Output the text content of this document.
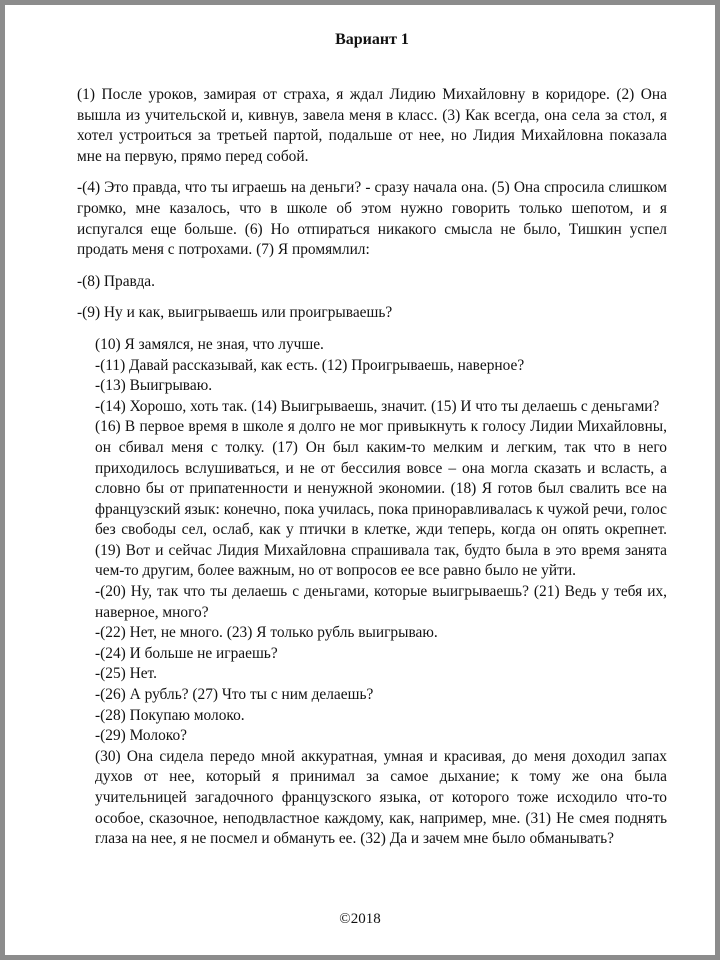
Вариант 1

(1) После уроков, замирая от страха, я ждал Лидию Михайловну в коридоре. (2) Она вышла из учительской и, кивнув, завела меня в класс. (3) Как всегда, она села за стол, я хотел устроиться за третьей партой, подальше от нее, но Лидия Михайловна показала мне на первую, прямо перед собой.

-(4) Это правда, что ты играешь на деньги? - сразу начала она. (5) Она спросила слишком громко, мне казалось, что в школе об этом нужно говорить только шепотом, и я испугался еще больше. (6) Но отпираться никакого смысла не было, Тишкин успел продать меня с потрохами. (7) Я промямлил:

-(8) Правда.

-(9) Ну и как, выигрываешь или проигрываешь?

(10) Я замялся, не зная, что лучше.

-(11) Давай рассказывай, как есть. (12) Проигрываешь, наверное?

-(13) Выигрываю.

-(14) Хорошо, хоть так. (14) Выигрываешь, значит. (15) И что ты делаешь с деньгами?

(16) В первое время в школе я долго не мог привыкнуть к голосу Лидии Михайловны, он сбивал меня с толку. (17) Он был каким-то мелким и легким, так что в него приходилось вслушиваться, и не от бессилия вовсе – она могла сказать и всласть, а словно бы от припатенности и ненужной экономии. (18) Я готов был свалить все на французский язык: конечно, пока училась, пока приноравливалась к чужой речи, голос без свободы сел, ослаб, как у птички в клетке, жди теперь, когда он опять окрепнет. (19) Вот и сейчас Лидия Михайловна спрашивала так, будто была в это время занята чем-то другим, более важным, но от вопросов ее все равно было не уйти.

-(20) Ну, так что ты делаешь с деньгами, которые выигрываешь? (21) Ведь у тебя их, наверное, много?

-(22) Нет, не много. (23) Я только рубль выигрываю.

-(24) И больше не играешь?

-(25) Нет.

-(26) А рубль? (27) Что ты с ним делаешь?

-(28) Покупаю молоко.

-(29) Молоко?

(30) Она сидела передо мной аккуратная, умная и красивая, до меня доходил запах духов от нее, который я принимал за самое дыхание; к тому же она была учительницей загадочного французского языка, от которого тоже исходило что-то особое, сказочное, неподвластное каждому, как, например, мне. (31) Не смея поднять глаза на нее, я не посмел и обмануть ее. (32) Да и зачем мне было обманывать?

©2018
